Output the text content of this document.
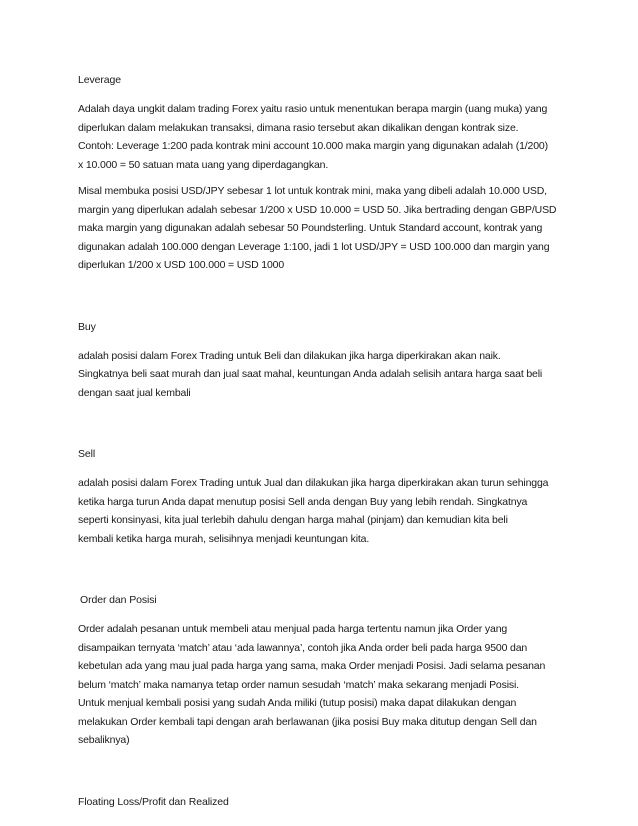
Leverage
Adalah daya ungkit dalam trading Forex yaitu rasio untuk menentukan berapa margin (uang muka) yang
diperlukan dalam melakukan transaksi, dimana rasio tersebut akan dikalikan dengan kontrak size.
Contoh: Leverage 1:200 pada kontrak mini account 10.000 maka margin yang digunakan adalah (1/200)
x 10.000 = 50 satuan mata uang yang diperdagangkan.
Misal membuka posisi USD/JPY sebesar 1 lot untuk kontrak mini, maka yang dibeli adalah 10.000 USD,
margin yang diperlukan adalah sebesar 1/200 x USD 10.000 = USD 50. Jika bertrading dengan GBP/USD
maka margin yang digunakan adalah sebesar 50 Poundsterling. Untuk Standard account, kontrak yang
digunakan adalah 100.000 dengan Leverage 1:100, jadi 1 lot USD/JPY = USD 100.000 dan margin yang
diperlukan 1/200 x USD 100.000 = USD 1000
Buy
adalah posisi dalam Forex Trading untuk Beli dan dilakukan jika harga diperkirakan akan naik.
Singkatnya beli saat murah dan jual saat mahal, keuntungan Anda adalah selisih antara harga saat beli
dengan saat jual kembali
Sell
adalah posisi dalam Forex Trading untuk Jual dan dilakukan jika harga diperkirakan akan turun sehingga
ketika harga turun Anda dapat menutup posisi Sell anda dengan Buy yang lebih rendah. Singkatnya
seperti konsinyasi, kita jual terlebih dahulu dengan harga mahal (pinjam) dan kemudian kita beli
kembali ketika harga murah, selisihnya menjadi keuntungan kita.
Order dan Posisi
Order adalah pesanan untuk membeli atau menjual pada harga tertentu namun jika Order yang
disampaikan ternyata ‘match’ atau ‘ada lawannya’, contoh jika Anda order beli pada harga 9500 dan
kebetulan ada yang mau jual pada harga yang sama, maka Order menjadi Posisi. Jadi selama pesanan
belum ‘match’ maka namanya tetap order namun sesudah ‘match’ maka sekarang menjadi Posisi.
Untuk menjual kembali posisi yang sudah Anda miliki (tutup posisi) maka dapat dilakukan dengan
melakukan Order kembali tapi dengan arah berlawanan (jika posisi Buy maka ditutup dengan Sell dan
sebaliknya)
Floating Loss/Profit dan Realized
